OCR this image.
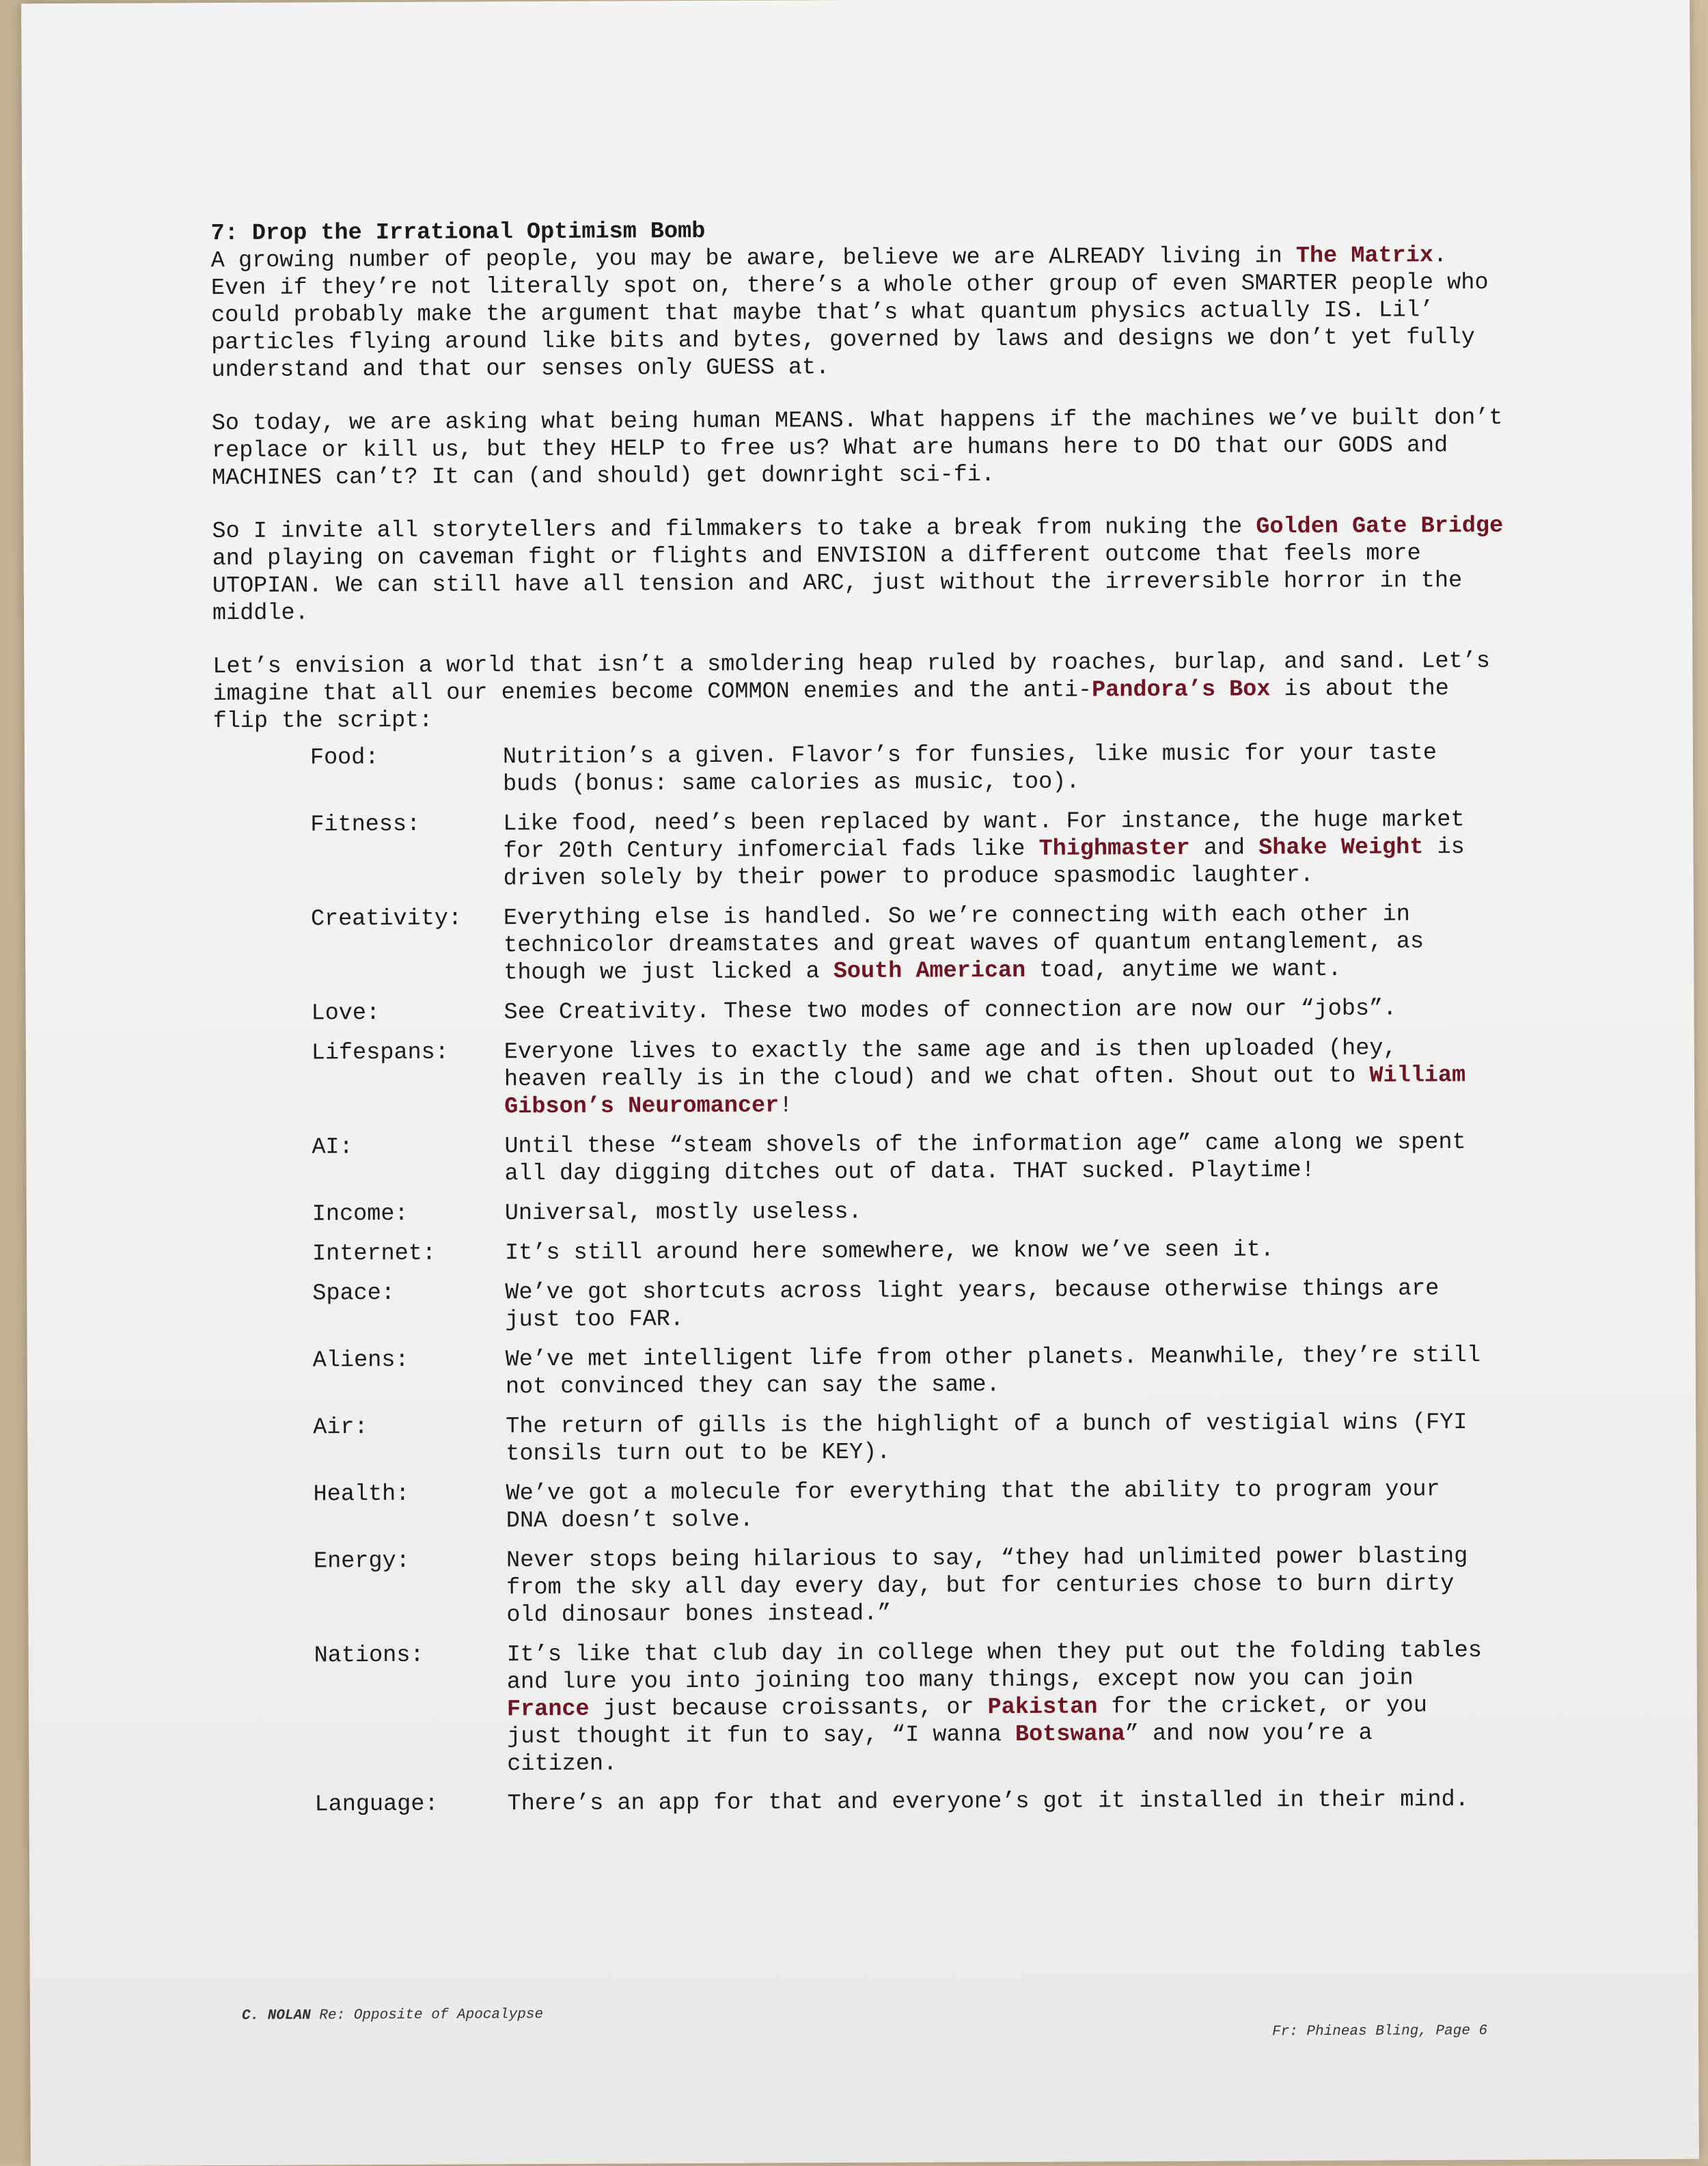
7: Drop the Irrational Optimism Bomb

A growing number of people, you may be aware, believe we are ALREADY living in The Matrix. Even if they’re not literally spot on, there’s a whole other group of even SMARTER people who could probably make the argument that maybe that’s what quantum physics actually IS. Lil’ particles flying around like bits and bytes, governed by laws and designs we don’t yet fully understand and that our senses only GUESS at.

So today, we are asking what being human MEANS. What happens if the machines we’ve built don’t replace or kill us, but they HELP to free us? What are humans here to DO that our GODS and MACHINES can’t? It can (and should) get downright sci-fi.

So I invite all storytellers and filmmakers to take a break from nuking the Golden Gate Bridge and playing on caveman fight or flights and ENVISION a different outcome that feels more UTOPIAN. We can still have all tension and ARC, just without the irreversible horror in the middle.

Let’s envision a world that isn’t a smoldering heap ruled by roaches, burlap, and sand. Let’s imagine that all our enemies become COMMON enemies and the anti-Pandora’s Box is about the flip the script:

Food:	Nutrition’s a given. Flavor’s for funsies, like music for your taste buds (bonus: same calories as music, too).
Fitness:	Like food, need’s been replaced by want. For instance, the huge market for 20th Century infomercial fads like Thighmaster and Shake Weight is driven solely by their power to produce spasmodic laughter.
Creativity:	Everything else is handled. So we’re connecting with each other in technicolor dreamstates and great waves of quantum entanglement, as though we just licked a South American toad, anytime we want.
Love:	See Creativity. These two modes of connection are now our “jobs”.
Lifespans:	Everyone lives to exactly the same age and is then uploaded (hey, heaven really is in the cloud) and we chat often. Shout out to William Gibson’s Neuromancer!
AI:	Until these “steam shovels of the information age” came along we spent all day digging ditches out of data. THAT sucked. Playtime!
Income:	Universal, mostly useless.
Internet:	It’s still around here somewhere, we know we’ve seen it.
Space:	We’ve got shortcuts across light years, because otherwise things are just too FAR.
Aliens:	We’ve met intelligent life from other planets. Meanwhile, they’re still not convinced they can say the same.
Air:	The return of gills is the highlight of a bunch of vestigial wins (FYI tonsils turn out to be KEY).
Health:	We’ve got a molecule for everything that the ability to program your DNA doesn’t solve.
Energy:	Never stops being hilarious to say, “they had unlimited power blasting from the sky all day every day, but for centuries chose to burn dirty old dinosaur bones instead.”
Nations:	It’s like that club day in college when they put out the folding tables and lure you into joining too many things, except now you can join France just because croissants, or Pakistan for the cricket, or you just thought it fun to say, “I wanna Botswana” and now you’re a citizen.
Language:	There’s an app for that and everyone’s got it installed in their mind.
C. NOLAN Re: Opposite of Apocalypse
Fr: Phineas Bling, Page 6
